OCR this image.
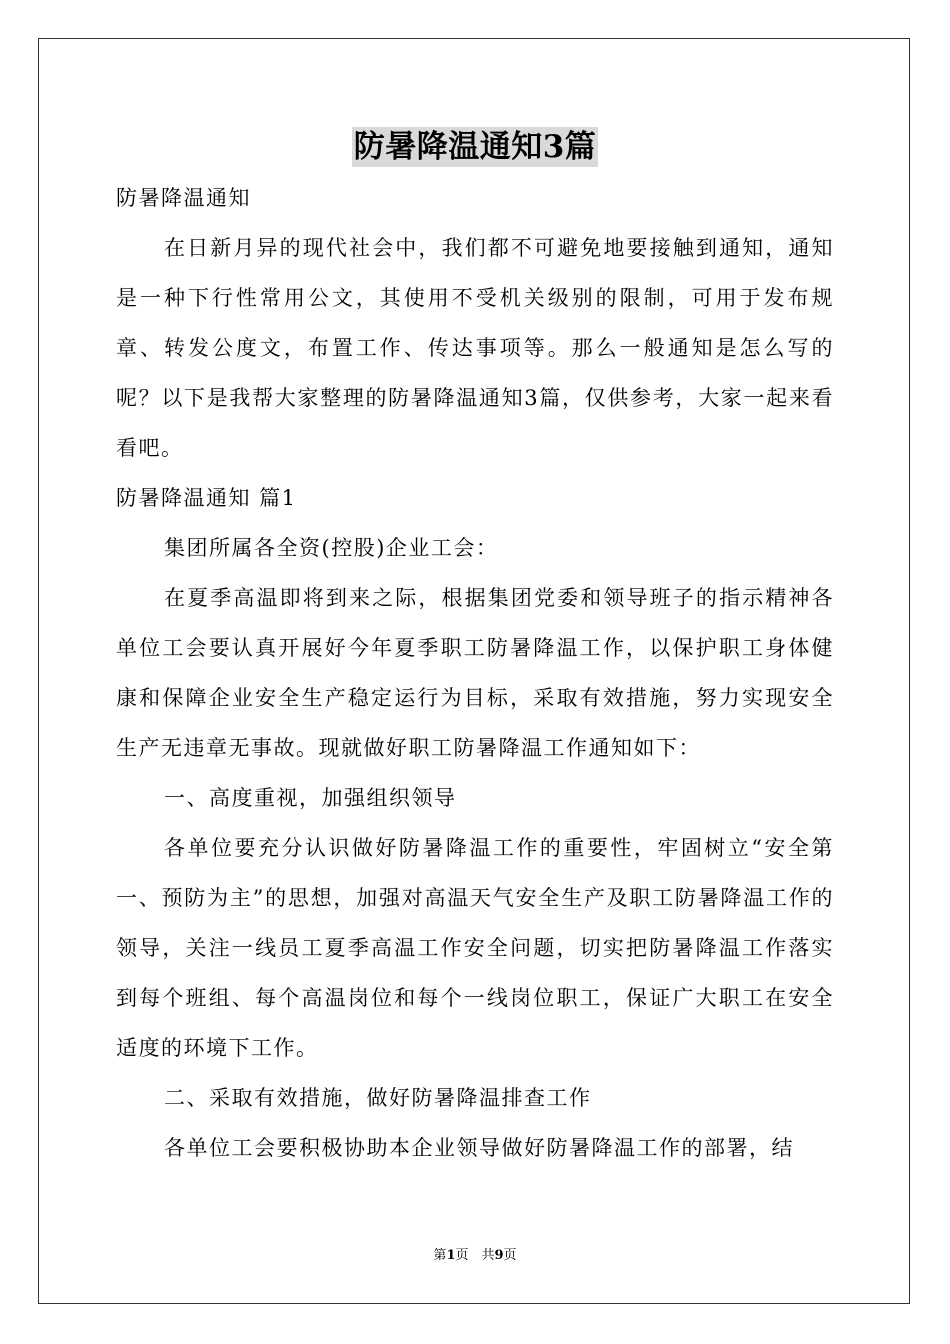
防暑降温通知3篇

防暑降温通知

在日新月异的现代社会中，我们都不可避免地要接触到通知，通知是一种下行性常用公文，其使用不受机关级别的限制，可用于发布规章、转发公度文，布置工作、传达事项等。那么一般通知是怎么写的呢？以下是我帮大家整理的防暑降温通知3篇，仅供参考，大家一起来看看吧。

防暑降温通知 篇1

集团所属各全资(控股)企业工会：

在夏季高温即将到来之际，根据集团党委和领导班子的指示精神各单位工会要认真开展好今年夏季职工防暑降温工作，以保护职工身体健康和保障企业安全生产稳定运行为目标，采取有效措施，努力实现安全生产无违章无事故。现就做好职工防暑降温工作通知如下：

一、高度重视，加强组织领导

各单位要充分认识做好防暑降温工作的重要性，牢固树立“安全第一、预防为主”的思想，加强对高温天气安全生产及职工防暑降温工作的领导，关注一线员工夏季高温工作安全问题，切实把防暑降温工作落实到每个班组、每个高温岗位和每个一线岗位职工，保证广大职工在安全适度的环境下工作。

二、采取有效措施，做好防暑降温排查工作

各单位工会要积极协助本企业领导做好防暑降温工作的部署，结

第1页　共9页
